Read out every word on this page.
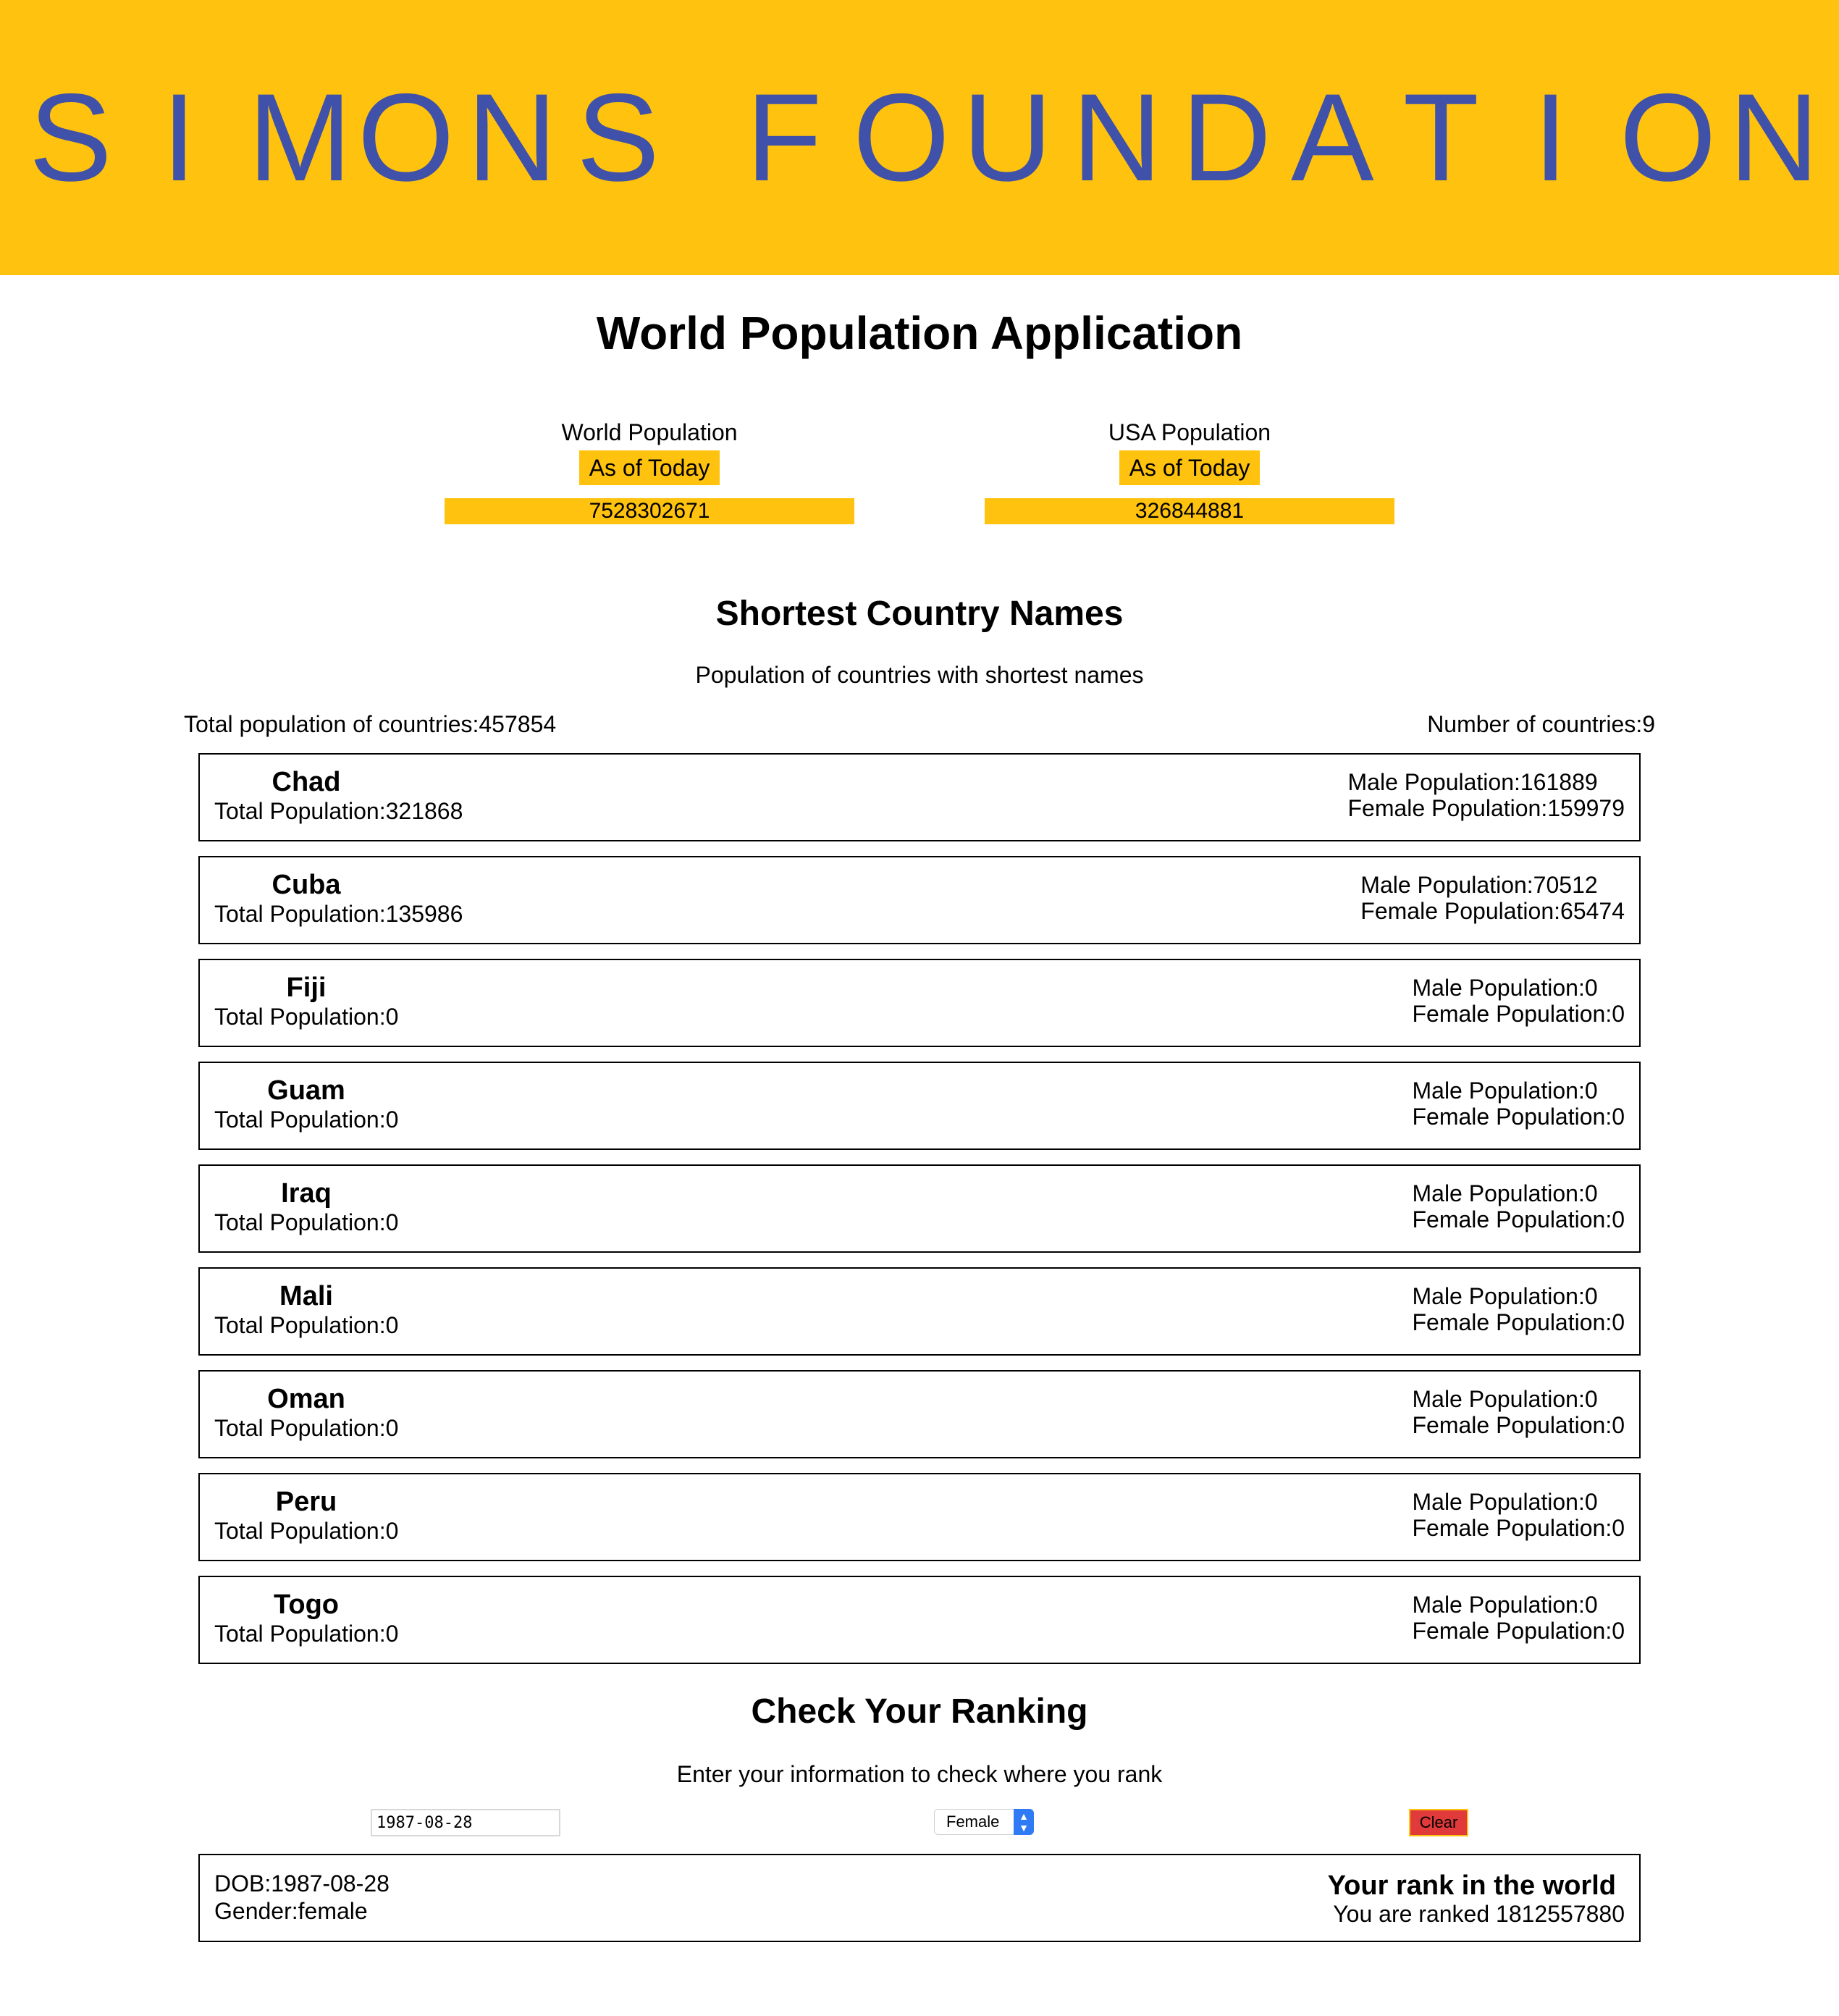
S I M O N S F O U N D A T I O N
World Population Application
World Population
As of Today
7528302671
USA Population
As of Today
326844881
Shortest Country Names

Population of countries with shortest names

Total population of countries:457854	Number of countries:9
Chad
Total Population:321868
Male Population:161889
Female Population:159979
Cuba
Total Population:135986
Male Population:70512
Female Population:65474
Fiji
Total Population:0
Male Population:0
Female Population:0
Guam
Total Population:0
Male Population:0
Female Population:0
Iraq
Total Population:0
Male Population:0
Female Population:0
Mali
Total Population:0
Male Population:0
Female Population:0
Oman
Total Population:0
Male Population:0
Female Population:0
Peru
Total Population:0
Male Population:0
Female Population:0
Togo
Total Population:0
Male Population:0
Female Population:0
Check Your Ranking

Enter your information to check where you rank

1987-08-28
Female	▲
▼	Clear
DOB:1987-08-28
Gender:female
Your rank in the world
You are ranked 1812557880
